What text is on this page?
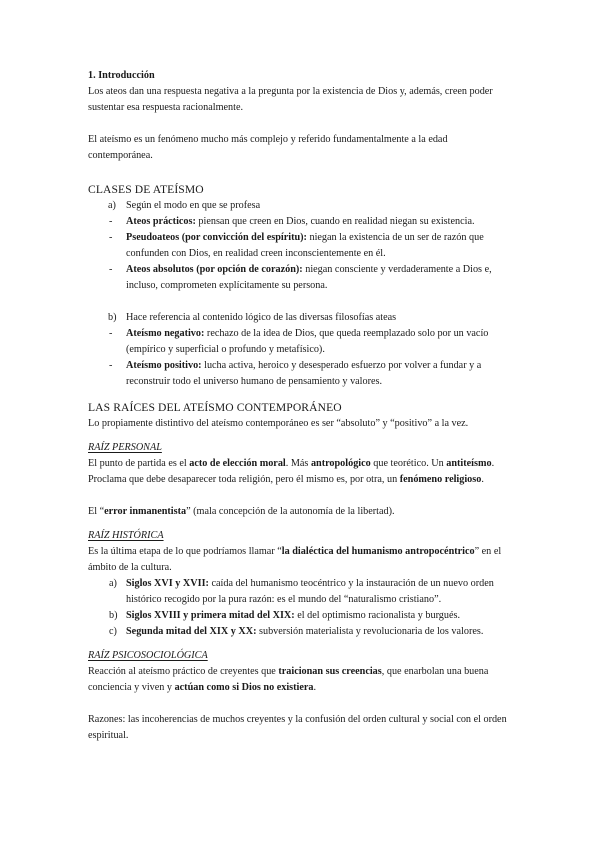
1. Introducción

Los ateos dan una respuesta negativa a la pregunta por la existencia de Dios y, además, creen poder sustentar esa respuesta racionalmente.

El ateísmo es un fenómeno mucho más complejo y referido fundamentalmente a la edad contemporánea.

CLASES DE ATEÍSMO

a) Según el modo en que se profesa
- Ateos prácticos: piensan que creen en Dios, cuando en realidad niegan su existencia.
- Pseudoateos (por convicción del espíritu): niegan la existencia de un ser de razón que confunden con Dios, en realidad creen inconscientemente en él.
- Ateos absolutos (por opción de corazón): niegan consciente y verdaderamente a Dios e, incluso, comprometen explícitamente su persona.
b) Hace referencia al contenido lógico de las diversas filosofías ateas
- Ateísmo negativo: rechazo de la idea de Dios, que queda reemplazado solo por un vacío (empírico y superficial o profundo y metafísico).
- Ateísmo positivo: lucha activa, heroico y desesperado esfuerzo por volver a fundar y a reconstruir todo el universo humano de pensamiento y valores.

LAS RAÍCES DEL ATEÍSMO CONTEMPORÁNEO

Lo propiamente distintivo del ateísmo contemporáneo es ser “absoluto” y “positivo” a la vez.

RAÍZ PERSONAL

El punto de partida es el acto de elección moral. Más antropológico que teorético. Un antiteísmo. Proclama que debe desaparecer toda religión, pero él mismo es, por otra, un fenómeno religioso.

El “error inmanentista” (mala concepción de la autonomía de la libertad).

RAÍZ HISTÓRICA

Es la última etapa de lo que podríamos llamar “la dialéctica del humanismo antropocéntrico” en el ámbito de la cultura.

a) Siglos XVI y XVII: caída del humanismo teocéntrico y la instauración de un nuevo orden histórico recogido por la pura razón: es el mundo del “naturalismo cristiano”.
b) Siglos XVIII y primera mitad del XIX: el del optimismo racionalista y burgués.
c) Segunda mitad del XIX y XX: subversión materialista y revolucionaria de los valores.

RAÍZ PSICOSOCIOLÓGICA

Reacción al ateísmo práctico de creyentes que traicionan sus creencias, que enarbolan una buena conciencia y viven y actúan como si Dios no existiera.

Razones: las incoherencias de muchos creyentes y la confusión del orden cultural y social con el orden espiritual.
